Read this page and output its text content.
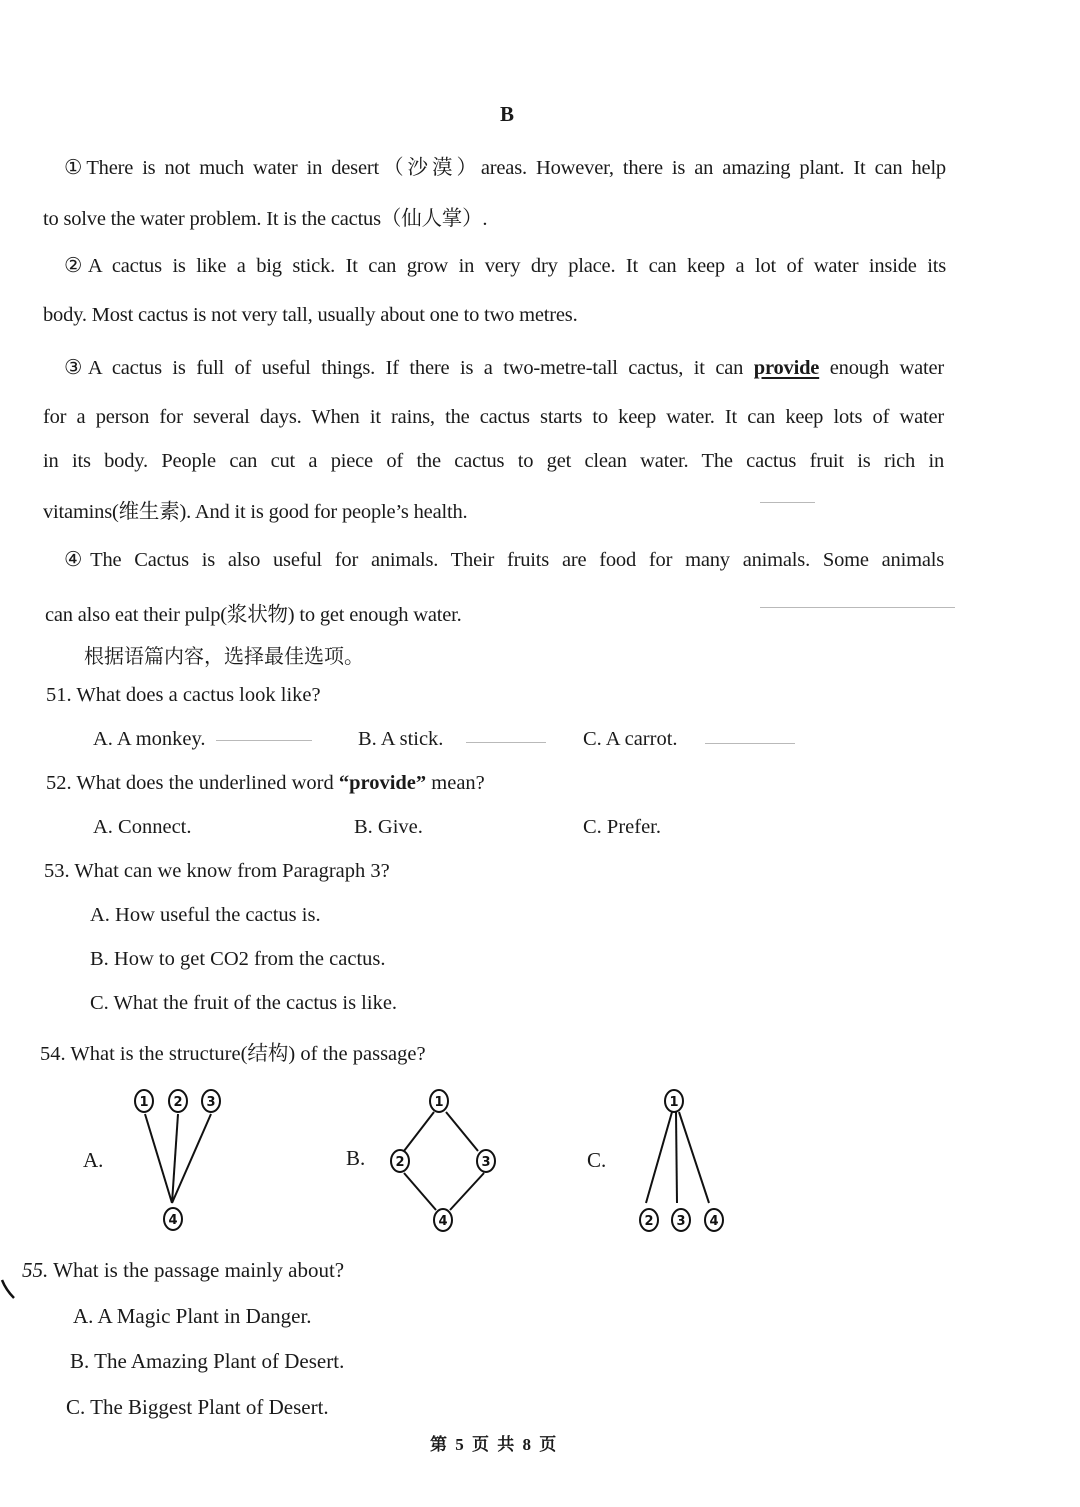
B
①There is not much water in desert（沙漠）areas. However, there is an amazing plant. It can help
to solve the water problem. It is the cactus（仙人掌）.
②A cactus is like a big stick. It can grow in very dry place. It can keep a lot of water inside its
body. Most cactus is not very tall, usually about one to two metres.
③A cactus is full of useful things. If there is a two-metre-tall cactus, it can provide enough water
for a person for several days. When it rains, the cactus starts to keep water. It can keep lots of water
in its body. People can cut a piece of the cactus to get clean water. The cactus fruit is rich in
vitamins(维生素). And it is good for people’s health.
④The Cactus is also useful for animals. Their fruits are food for many animals. Some animals
can also eat their pulp(浆状物) to get enough water.
根据语篇内容，选择最佳选项。
51. What does a cactus look like?
A. A monkey.	B. A stick.	C. A carrot.
52. What does the underlined word “provide” mean?
A. Connect.	B. Give.	C. Prefer.
53. What can we know from Paragraph 3?
A. How useful the cactus is.
B. How to get CO2 from the cactus.
C. What the fruit of the cactus is like.
54. What is the structure(结构) of the passage?
A.
1 2 3
4
B.
1
2	3
4
C.
1
2 3 4
55. What is the passage mainly about?
A. A Magic Plant in Danger.
B. The Amazing Plant of Desert.
C. The Biggest Plant of Desert.
第 5 页 共 8 页
